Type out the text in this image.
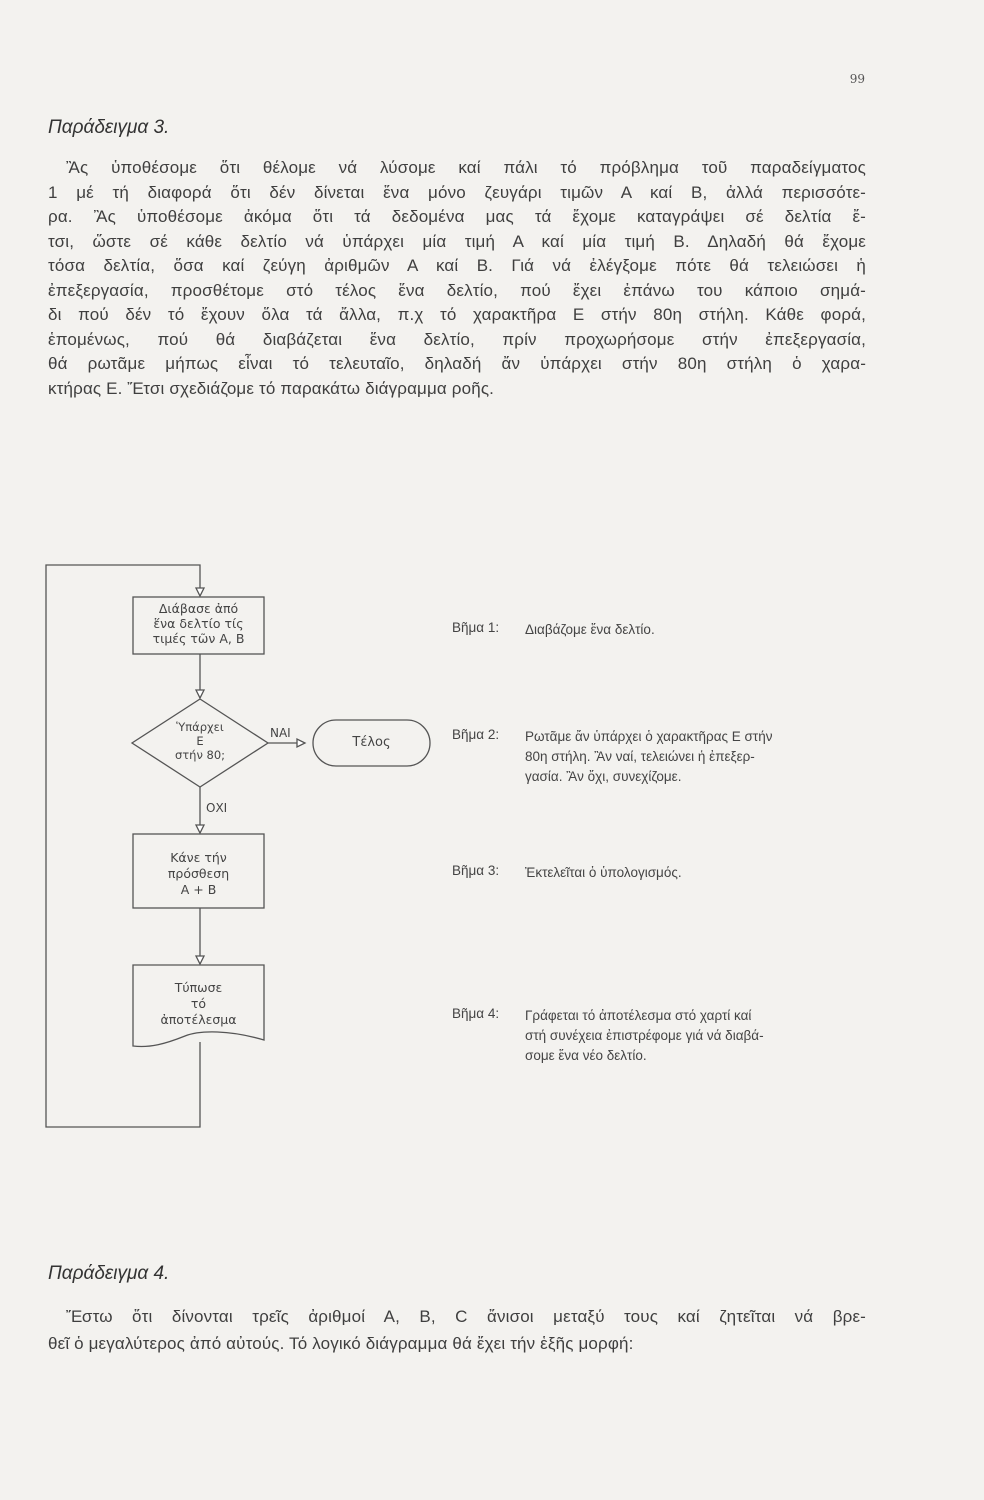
99
Παράδειγμα 3.
Ἂς ὑποθέσομε ὅτι θέλομε νά λύσομε καί πάλι τό πρόβλημα τοῦ παραδείγματος
1 μέ τή διαφορά ὅτι δέν δίνεται ἕνα μόνο ζευγάρι τιμῶν Α καί Β, ἀλλά περισσότε-
ρα. Ἂς ὑποθέσομε ἀκόμα ὅτι τά δεδομένα μας τά ἔχομε καταγράψει σέ δελτία ἔ-
τσι, ὥστε σέ κάθε δελτίο νά ὑπάρχει μία τιμή Α καί μία τιμή Β. Δηλαδή θά ἔχομε
τόσα δελτία, ὅσα καί ζεύγη ἀριθμῶν Α καί Β. Γιά νά ἐλέγξομε πότε θά τελειώσει ἡ
ἐπεξεργασία, προσθέτομε στό τέλος ἕνα δελτίο, πού ἔχει ἐπάνω του κάποιο σημά-
δι πού δέν τό ἔχουν ὅλα τά ἄλλα, π.χ τό χαρακτῆρα Ε στήν 80η στήλη. Κάθε φορά,
ἑπομένως, πού θά διαβάζεται ἕνα δελτίο, πρίν προχωρήσομε στήν ἐπεξεργασία,
θά ρωτᾶμε μήπως εἶναι τό τελευταῖο, δηλαδή ἄν ὑπάρχει στήν 80η στήλη ὁ χαρα-
κτήρας Ε. Ἔτσι σχεδιάζομε τό παρακάτω διάγραμμα ροῆς.
ΝΑΙ
ΟΧΙ
Διάβασε ἀπό
ἕνα δελτίο τίς
τιμές τῶν Α, Β
Ὑπάρχει
Ε
στήν 80;
Τέλος
Κάνε τήν
πρόσθεση
Α + Β
Τύπωσε
τό
ἀποτέλεσμα
Βῆμα 1:	Διαβάζομε ἕνα δελτίο.
Βῆμα 2:	Ρωτᾶμε ἄν ὑπάρχει ὁ χαρακτῆρας Ε στήν
80η στήλη. Ἂν ναί, τελειώνει ἡ ἐπεξερ-
γασία. Ἂν ὄχι, συνεχίζομε.
Βῆμα 3:	Ἐκτελεῖται ὁ ὑπολογισμός.
Βῆμα 4:	Γράφεται τό ἀποτέλεσμα στό χαρτί καί
στή συνέχεια ἐπιστρέφομε γιά νά διαβά-
σομε ἕνα νέο δελτίο.
Παράδειγμα 4.
Ἔστω ὅτι δίνονται τρεῖς ἀριθμοί Α, Β, C ἄνισοι μεταξύ τους καί ζητεῖται νά βρε-
θεῖ ὁ μεγαλύτερος ἀπό αὐτούς. Τό λογικό διάγραμμα θά ἔχει τήν ἑξῆς μορφή:
